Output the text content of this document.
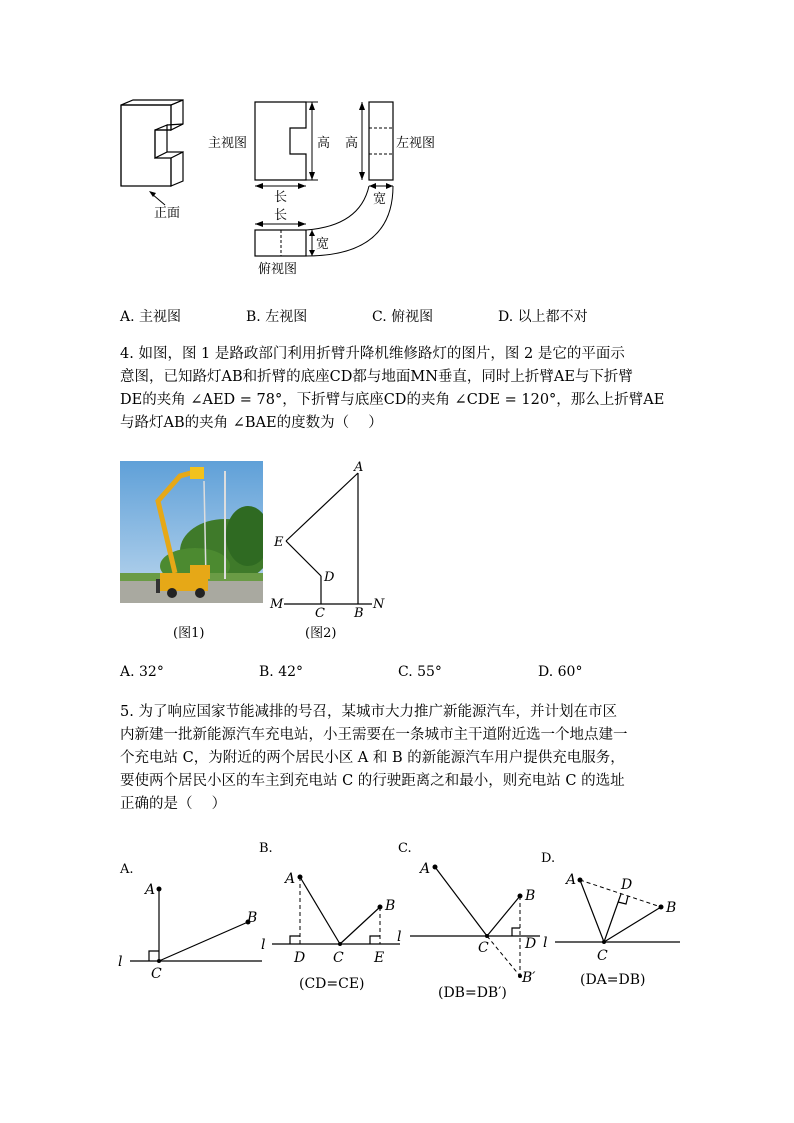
正面
主视图	高
长
左视图
高
宽
长
宽
俯视图
A. 主视图	B. 左视图	C. 俯视图	D. 以上都不对
4. 如图，图 1 是路政部门利用折臂升降机维修路灯的图片，图 2 是它的平面示
意图，已知路灯AB和折臂的底座CD都与地面MN垂直，同时上折臂AE与下折臂
DE的夹角 ∠AED = 78°，下折臂与底座CD的夹角 ∠CDE = 120°，那么上折臂AE
与路灯AB的夹角 ∠BAE的度数为（　 ）
(图1)
A
E
D
M
C B
N
(图2)
A. 32°	B. 42°	C. 55°	D. 60°
5. 为了响应国家节能减排的号召，某城市大力推广新能源汽车，并计划在市区
内新建一批新能源汽车充电站，小王需要在一条城市主干道附近选一个地点建一
个充电站 C，为附近的两个居民小区 A 和 B 的新能源汽车用户提供充电服务，
要使两个居民小区的车主到充电站 C 的行驶距离之和最小，则充电站 C 的选址
正确的是（　 ）
A.
A
B
C
l
B.
A
B
C
D	E
l
(CD=CE)
C.
A
B
C	D
B′
l
(DB=DB′)
D.
A
B
C
D
l
(DA=DB)
